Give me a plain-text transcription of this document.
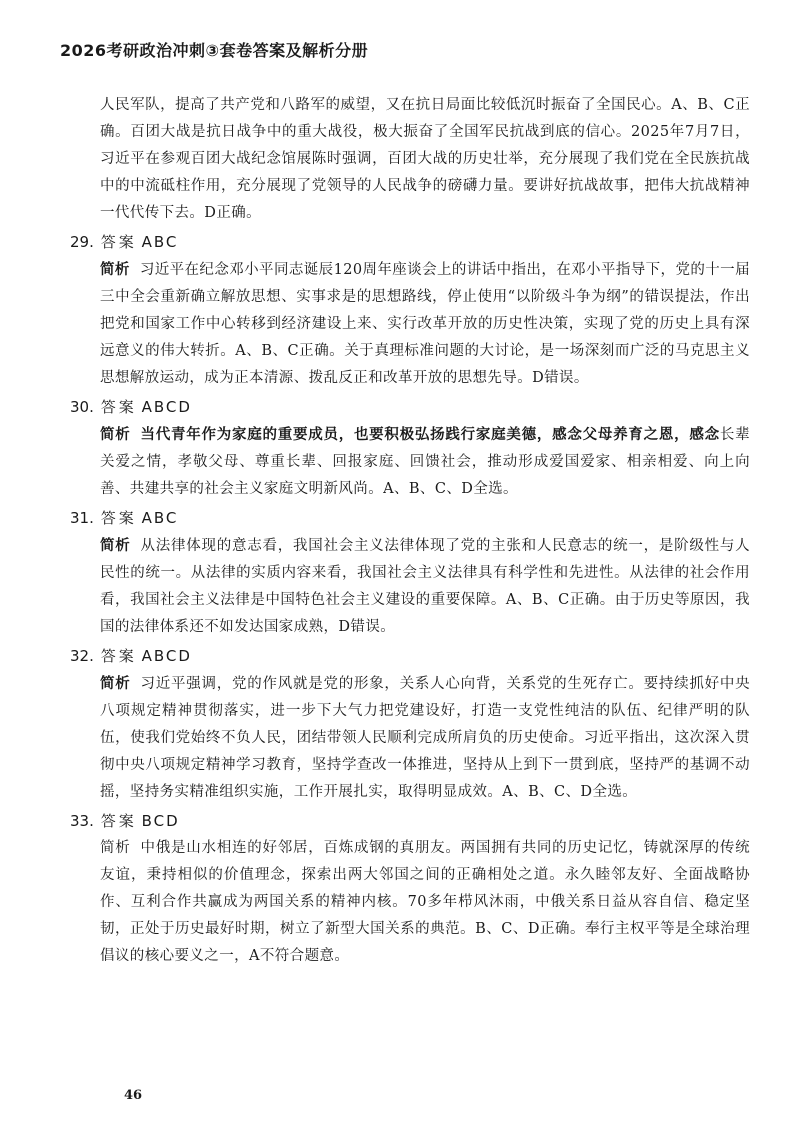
2026考研政治冲刺③套卷答案及解析分册

人民军队，提高了共产党和八路军的威望，又在抗日局面比较低沉时振奋了全国民心。A、B、C正确。百团大战是抗日战争中的重大战役，极大振奋了全国军民抗战到底的信心。2025年7月7日，习近平在参观百团大战纪念馆展陈时强调，百团大战的历史壮举，充分展现了我们党在全民族抗战中的中流砥柱作用，充分展现了党领导的人民战争的磅礴力量。要讲好抗战故事，把伟大抗战精神一代代传下去。D正确。

29. 答案 ABC

简析 习近平在纪念邓小平同志诞辰120周年座谈会上的讲话中指出，在邓小平指导下，党的十一届三中全会重新确立解放思想、实事求是的思想路线，停止使用“以阶级斗争为纲”的错误提法，作出把党和国家工作中心转移到经济建设上来、实行改革开放的历史性决策，实现了党的历史上具有深远意义的伟大转折。A、B、C正确。关于真理标准问题的大讨论，是一场深刻而广泛的马克思主义思想解放运动，成为正本清源、拨乱反正和改革开放的思想先导。D错误。

30. 答案 ABCD

简析 当代青年作为家庭的重要成员，也要积极弘扬践行家庭美德，感念父母养育之恩，感念长辈关爱之情，孝敬父母、尊重长辈、回报家庭、回馈社会，推动形成爱国爱家、相亲相爱、向上向善、共建共享的社会主义家庭文明新风尚。A、B、C、D全选。

31. 答案 ABC

简析 从法律体现的意志看，我国社会主义法律体现了党的主张和人民意志的统一，是阶级性与人民性的统一。从法律的实质内容来看，我国社会主义法律具有科学性和先进性。从法律的社会作用看，我国社会主义法律是中国特色社会主义建设的重要保障。A、B、C正确。由于历史等原因，我国的法律体系还不如发达国家成熟，D错误。

32. 答案 ABCD

简析 习近平强调，党的作风就是党的形象，关系人心向背，关系党的生死存亡。要持续抓好中央八项规定精神贯彻落实，进一步下大气力把党建设好，打造一支党性纯洁的队伍、纪律严明的队伍，使我们党始终不负人民，团结带领人民顺利完成所肩负的历史使命。习近平指出，这次深入贯彻中央八项规定精神学习教育，坚持学查改一体推进，坚持从上到下一贯到底，坚持严的基调不动摇，坚持务实精准组织实施，工作开展扎实，取得明显成效。A、B、C、D全选。

33. 答案 BCD

简析 中俄是山水相连的好邻居，百炼成钢的真朋友。两国拥有共同的历史记忆，铸就深厚的传统友谊，秉持相似的价值理念，探索出两大邻国之间的正确相处之道。永久睦邻友好、全面战略协作、互利合作共赢成为两国关系的精神内核。70多年栉风沐雨，中俄关系日益从容自信、稳定坚韧，正处于历史最好时期，树立了新型大国关系的典范。B、C、D正确。奉行主权平等是全球治理倡议的核心要义之一，A不符合题意。

46
